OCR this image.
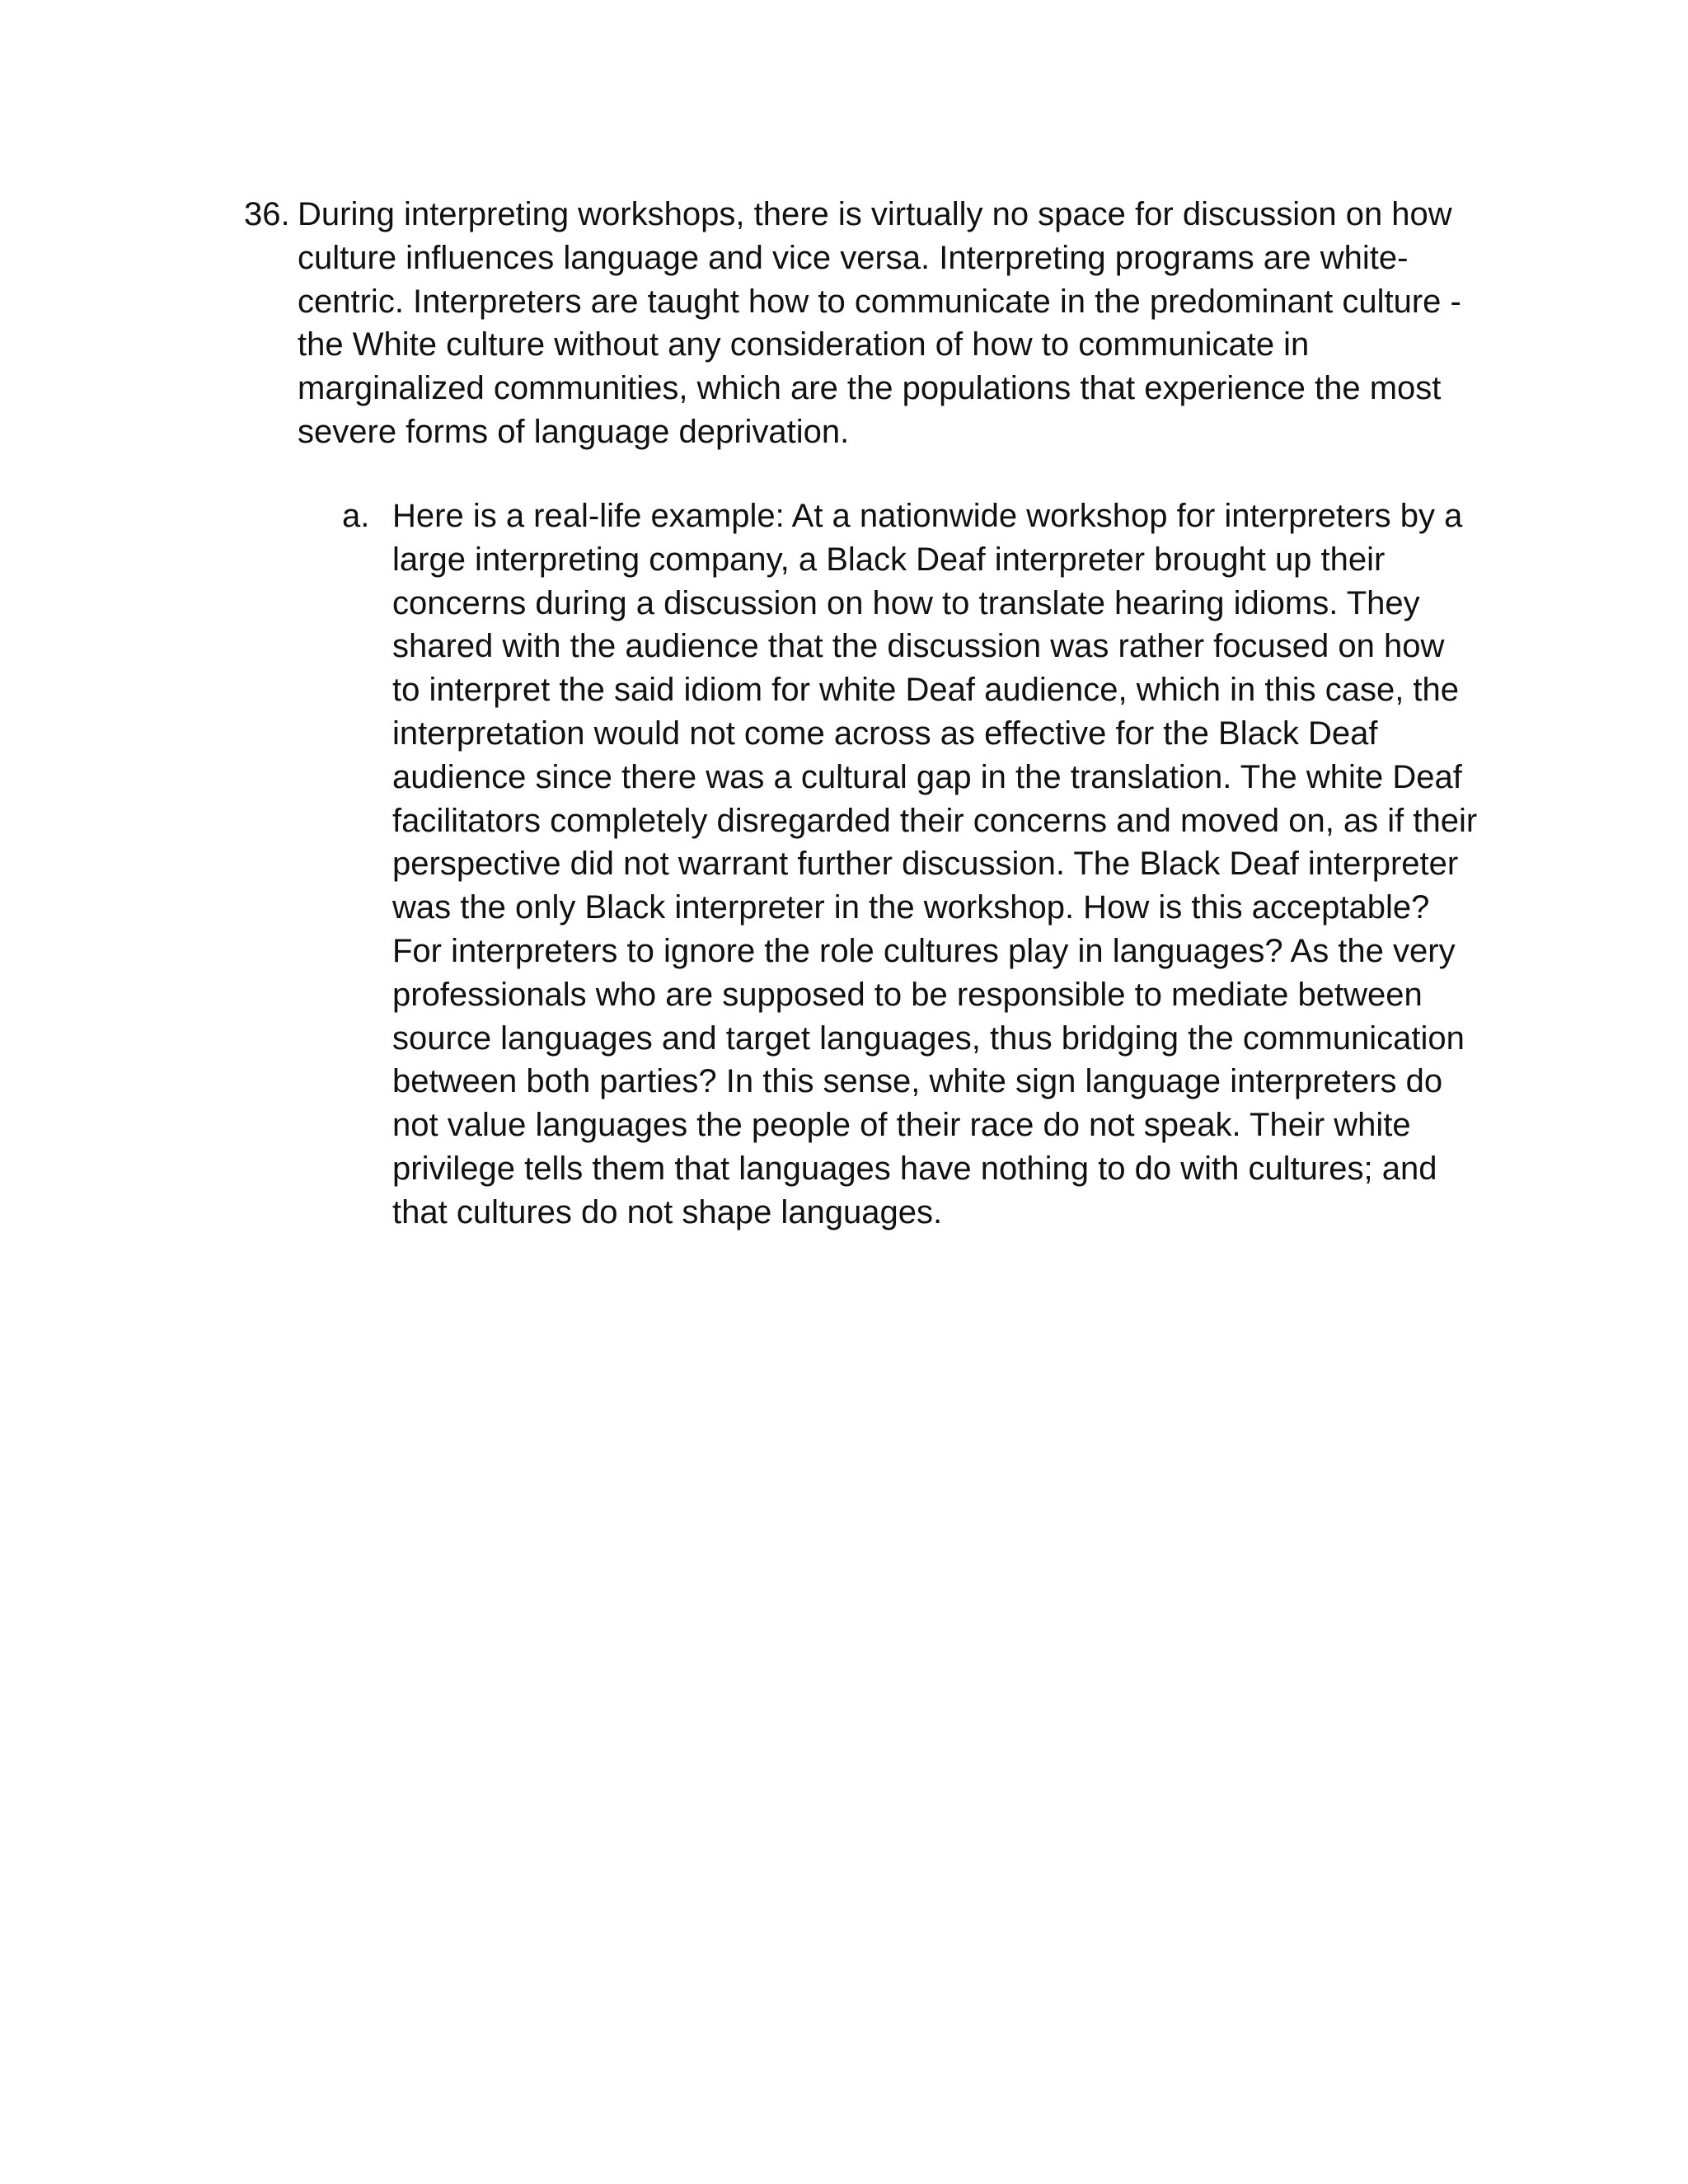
36. During interpreting workshops, there is virtually no space for discussion on how
culture influences language and vice versa. Interpreting programs are white-
centric. Interpreters are taught how to communicate in the predominant culture -
the White culture without any consideration of how to communicate in
marginalized communities, which are the populations that experience the most
severe forms of language deprivation.
a. Here is a real-life example: At a nationwide workshop for interpreters by a
large interpreting company, a Black Deaf interpreter brought up their
concerns during a discussion on how to translate hearing idioms. They
shared with the audience that the discussion was rather focused on how
to interpret the said idiom for white Deaf audience, which in this case, the
interpretation would not come across as effective for the Black Deaf
audience since there was a cultural gap in the translation. The white Deaf
facilitators completely disregarded their concerns and moved on, as if their
perspective did not warrant further discussion. The Black Deaf interpreter
was the only Black interpreter in the workshop. How is this acceptable?
For interpreters to ignore the role cultures play in languages? As the very
professionals who are supposed to be responsible to mediate between
source languages and target languages, thus bridging the communication
between both parties? In this sense, white sign language interpreters do
not value languages the people of their race do not speak. Their white
privilege tells them that languages have nothing to do with cultures; and
that cultures do not shape languages.
